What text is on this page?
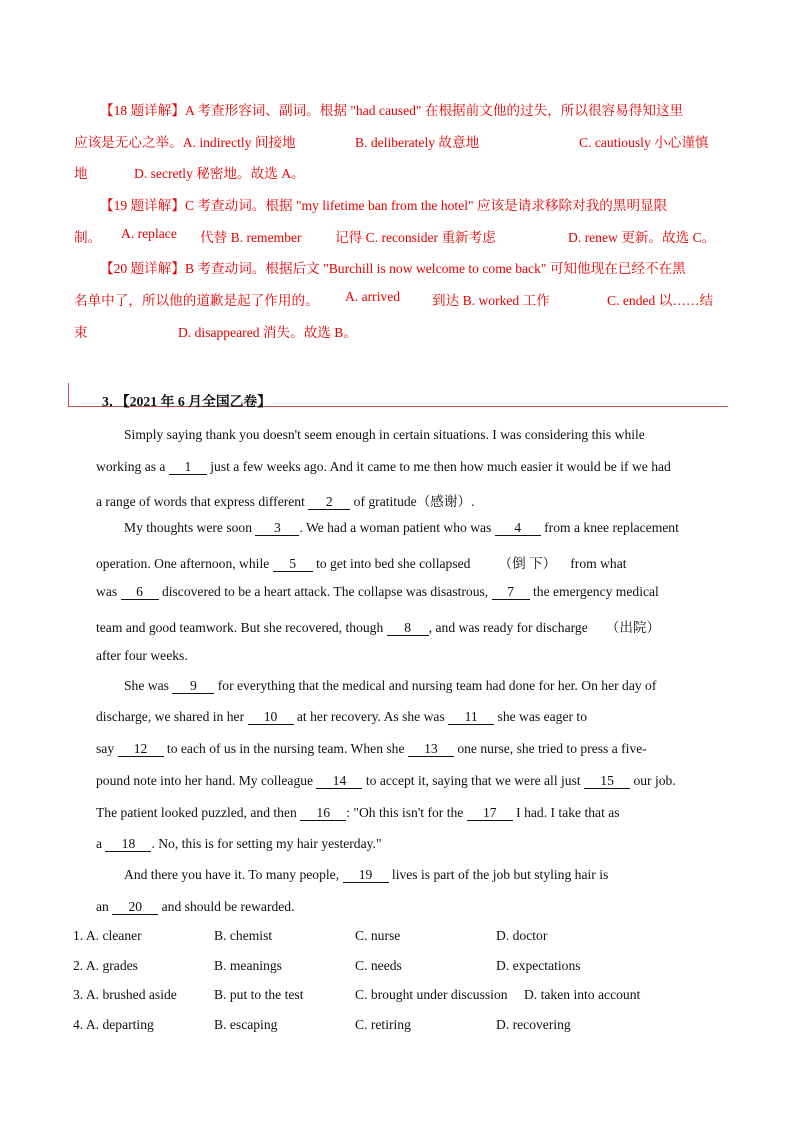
【18 题详解】A 考查形容词、副词。根据 "had caused" 在根据前文他的过失，所以很容易得知这里
应该是无心之举。A. indirectly 间接地	B. deliberately 故意地	C. cautiously 小心谨慎
地	D. secretly 秘密地。故选 A。
【19 题详解】C 考查动词。根据 "my lifetime ban from the hotel" 应该是请求移除对我的黑明显限
制。 A. replace 代替 B. remember 记得 C. reconsider 重新考虑	D. renew 更新。故选 C。
【20 题详解】B 考查动词。根据后文 "Burchill is now welcome to come back" 可知他现在已经不在黑
名单中了，所以他的道歉是起了作用的。 A. arrived 到达 B. worked 工作	C. ended 以……结
束	D. disappeared 消失。故选 B。
3．【2021 年 6 月全国乙卷】
Simply saying thank you doesn't seem enough in certain situations. I was considering this while
working as a 1 just a few weeks ago. And it came to me then how much easier it would be if we had
a range of words that express different 2 of gratitude（感谢）.
My thoughts were soon 3 . We had a woman patient who was 4 from a knee replacement
operation. One afternoon, while 5 to get into bed she collapsed （倒 下） from what
was 6 discovered to be a heart attack. The collapse was disastrous, 7 the emergency medical
team and good teamwork. But she recovered, though 8 , and was ready for discharge （出院）
after four weeks.
She was 9 for everything that the medical and nursing team had done for her. On her day of
discharge, we shared in her 10 at her recovery. As she was 11 she was eager to
say 12 to each of us in the nursing team. When she 13 one nurse, she tried to press a five-
pound note into her hand. My colleague 14 to accept it, saying that we were all just 15 our job.
The patient looked puzzled, and then 16 : "Oh this isn't for the 17 I had. I take that as
a 18 . No, this is for setting my hair yesterday."
And there you have it. To many people, 19 lives is part of the job but styling hair is
an 20 and should be rewarded.
1. A. cleaner	B. chemist	C. nurse	D. doctor
2. A. grades	B. meanings	C. needs	D. expectations
3. A. brushed aside	B. put to the test	C. brought under discussion D. taken into account
4. A. departing	B. escaping	C. retiring	D. recovering
